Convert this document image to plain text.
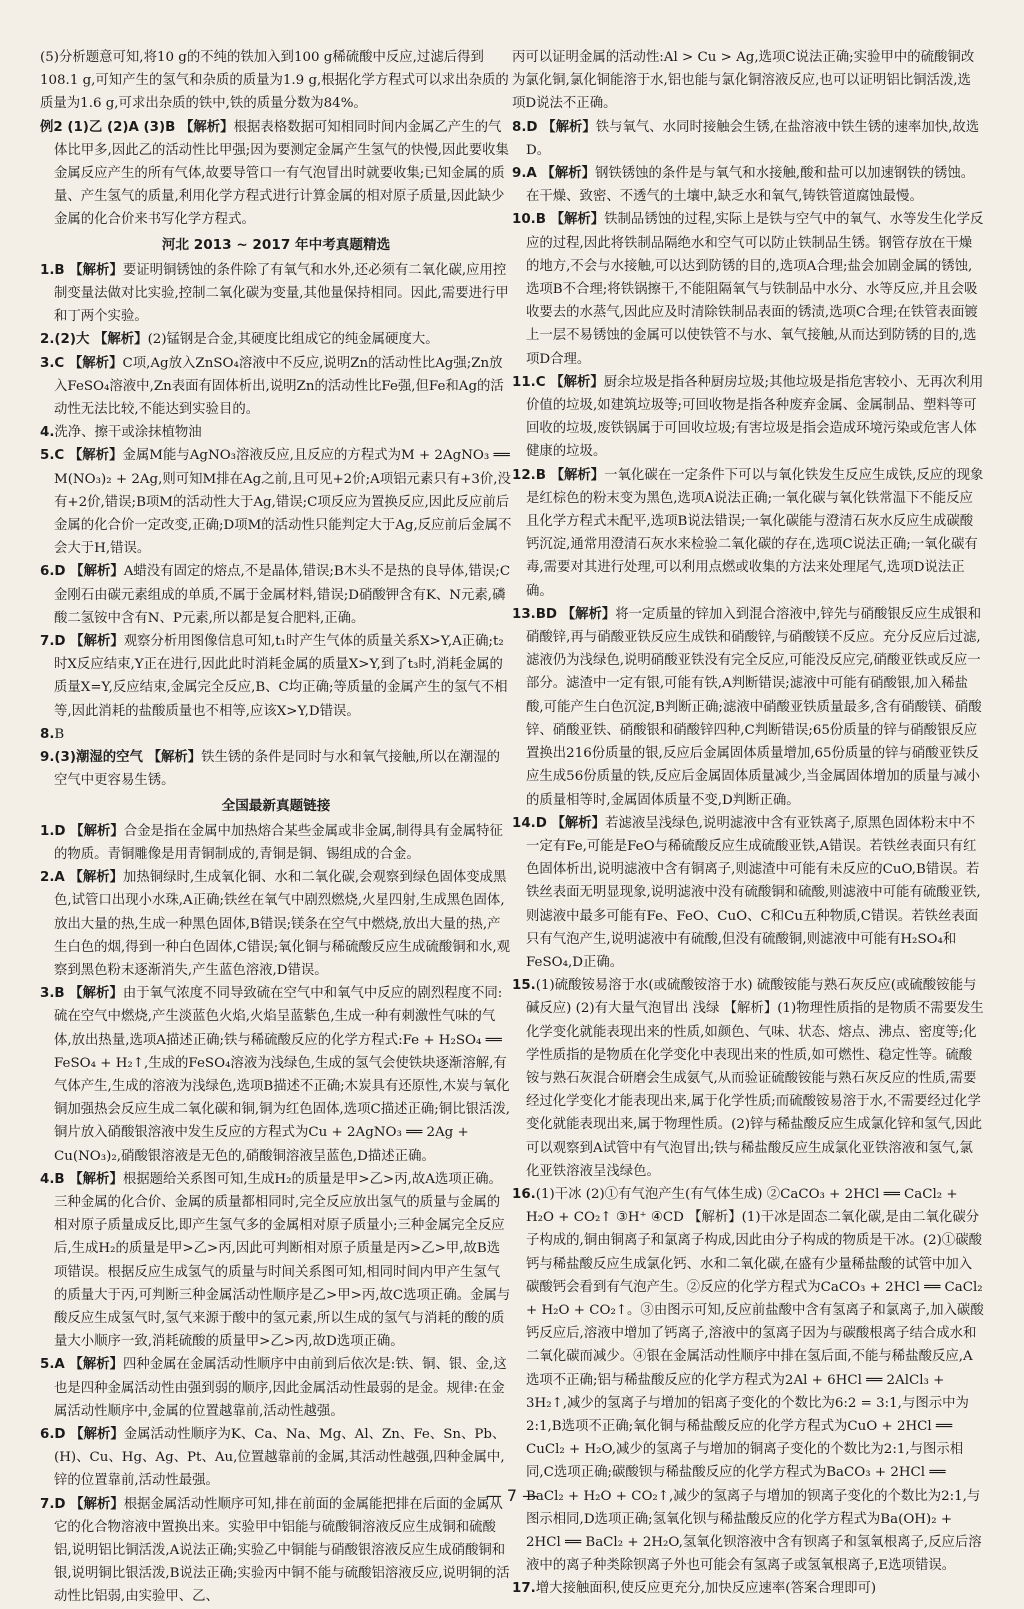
(5)分析题意可知,将10 g的不纯的铁加入到100 g稀硫酸中反应,过滤后得到108.1 g,可知产生的氢气和杂质的质量为1.9 g,根据化学方程式可以求出杂质的质量为1.6 g,可求出杂质的铁中,铁的质量分数为84%。
例2 (1)乙 (2)A (3)B 【解析】根据表格数据可知相同时间内金属乙产生的气体比甲多,因此乙的活动性比甲强;因为要测定金属产生氢气的快慢,因此要收集金属反应产生的所有气体,故要导管口一有气泡冒出时就要收集;已知金属的质量、产生氢气的质量,利用化学方程式进行计算金属的相对原子质量,因此缺少金属的化合价来书写化学方程式。
河北 2013 ~ 2017 年中考真题精选
1.B 【解析】要证明铜锈蚀的条件除了有氧气和水外,还必须有二氧化碳,应用控制变量法做对比实验,控制二氧化碳为变量,其他量保持相同。因此,需要进行甲和丁两个实验。
2.(2)大 【解析】(2)锰钢是合金,其硬度比组成它的纯金属硬度大。
3.C 【解析】C项,Ag放入ZnSO₄溶液中不反应,说明Zn的活动性比Ag强;Zn放入FeSO₄溶液中,Zn表面有固体析出,说明Zn的活动性比Fe强,但Fe和Ag的活动性无法比较,不能达到实验目的。
4.洗净、擦干或涂抹植物油
5.C 【解析】金属M能与AgNO₃溶液反应,且反应的方程式为M + 2AgNO₃ ══ M(NO₃)₂ + 2Ag,则可知M排在Ag之前,且可见+2价;A项铝元素只有+3价,没有+2价,错误;B项M的活动性大于Ag,错误;C项反应为置换反应,因此反应前后金属的化合价一定改变,正确;D项M的活动性只能判定大于Ag,反应前后金属不会大于H,错误。
6.D 【解析】A蜡没有固定的熔点,不是晶体,错误;B木头不是热的良导体,错误;C金刚石由碳元素组成的单质,不属于金属材料,错误;D硝酸钾含有K、N元素,磷酸二氢铵中含有N、P元素,所以都是复合肥料,正确。
7.D 【解析】观察分析用图像信息可知,t₁时产生气体的质量关系X>Y,A正确;t₂时X反应结束,Y正在进行,因此此时消耗金属的质量X>Y,到了t₃时,消耗金属的质量X=Y,反应结束,金属完全反应,B、C均正确;等质量的金属产生的氢气不相等,因此消耗的盐酸质量也不相等,应该X>Y,D错误。
8.B
9.(3)潮湿的空气 【解析】铁生锈的条件是同时与水和氧气接触,所以在潮湿的空气中更容易生锈。
全国最新真题链接
1.D 【解析】合金是指在金属中加热熔合某些金属或非金属,制得具有金属特征的物质。青铜雕像是用青铜制成的,青铜是铜、锡组成的合金。
2.A 【解析】加热铜绿时,生成氧化铜、水和二氧化碳,会观察到绿色固体变成黑色,试管口出现小水珠,A正确;铁丝在氧气中剧烈燃烧,火星四射,生成黑色固体,放出大量的热,生成一种黑色固体,B错误;镁条在空气中燃烧,放出大量的热,产生白色的烟,得到一种白色固体,C错误;氧化铜与稀硫酸反应生成硫酸铜和水,观察到黑色粉末逐渐消失,产生蓝色溶液,D错误。
3.B 【解析】由于氧气浓度不同导致硫在空气中和氧气中反应的剧烈程度不同:硫在空气中燃烧,产生淡蓝色火焰,火焰呈蓝紫色,生成一种有刺激性气味的气体,放出热量,选项A描述正确;铁与稀硫酸反应的化学方程式:Fe + H₂SO₄ ══ FeSO₄ + H₂↑,生成的FeSO₄溶液为浅绿色,生成的氢气会使铁块逐渐溶解,有气体产生,生成的溶液为浅绿色,选项B描述不正确;木炭具有还原性,木炭与氧化铜加强热会反应生成二氧化碳和铜,铜为红色固体,选项C描述正确;铜比银活泼,铜片放入硝酸银溶液中发生反应的方程式为Cu + 2AgNO₃ ══ 2Ag + Cu(NO₃)₂,硝酸银溶液是无色的,硝酸铜溶液呈蓝色,D描述正确。
4.B 【解析】根据题给关系图可知,生成H₂的质量是甲>乙>丙,故A选项正确。三种金属的化合价、金属的质量都相同时,完全反应放出氢气的质量与金属的相对原子质量成反比,即产生氢气多的金属相对原子质量小;三种金属完全反应后,生成H₂的质量是甲>乙>丙,因此可判断相对原子质量是丙>乙>甲,故B选项错误。根据反应生成氢气的质量与时间关系图可知,相同时间内甲产生氢气的质量大于丙,可判断三种金属活动性顺序是乙>甲>丙,故C选项正确。金属与酸反应生成氢气时,氢气来源于酸中的氢元素,所以生成的氢气与消耗的酸的质量大小顺序一致,消耗硫酸的质量甲>乙>丙,故D选项正确。
5.A 【解析】四种金属在金属活动性顺序中由前到后依次是:铁、铜、银、金,这也是四种金属活动性由强到弱的顺序,因此金属活动性最弱的是金。规律:在金属活动性顺序中,金属的位置越靠前,活动性越强。
6.D 【解析】金属活动性顺序为K、Ca、Na、Mg、Al、Zn、Fe、Sn、Pb、(H)、Cu、Hg、Ag、Pt、Au,位置越靠前的金属,其活动性越强,四种金属中,锌的位置靠前,活动性最强。
7.D 【解析】根据金属活动性顺序可知,排在前面的金属能把排在后面的金属从它的化合物溶液中置换出来。实验甲中铝能与硫酸铜溶液反应生成铜和硫酸铝,说明铝比铜活泼,A说法正确;实验乙中铜能与硝酸银溶液反应生成硝酸铜和银,说明铜比银活泼,B说法正确;实验丙中铜不能与硫酸铝溶液反应,说明铜的活动性比铝弱,由实验甲、乙、
丙可以证明金属的活动性:Al > Cu > Ag,选项C说法正确;实验甲中的硫酸铜改为氯化铜,氯化铜能溶于水,铝也能与氯化铜溶液反应,也可以证明铝比铜活泼,选项D说法不正确。
8.D 【解析】铁与氧气、水同时接触会生锈,在盐溶液中铁生锈的速率加快,故选D。
9.A 【解析】钢铁锈蚀的条件是与氧气和水接触,酸和盐可以加速钢铁的锈蚀。在干燥、致密、不透气的土壤中,缺乏水和氧气,铸铁管道腐蚀最慢。
10.B 【解析】铁制品锈蚀的过程,实际上是铁与空气中的氧气、水等发生化学反应的过程,因此将铁制品隔绝水和空气可以防止铁制品生锈。钢管存放在干燥的地方,不会与水接触,可以达到防锈的目的,选项A合理;盐会加剧金属的锈蚀,选项B不合理;将铁锅擦干,不能阻隔氧气与铁制品中水分、水等反应,并且会吸收要去的水蒸气,因此应及时清除铁制品表面的锈渍,选项C合理;在铁管表面镀上一层不易锈蚀的金属可以使铁管不与水、氧气接触,从而达到防锈的目的,选项D合理。
11.C 【解析】厨余垃圾是指各种厨房垃圾;其他垃圾是指危害较小、无再次利用价值的垃圾,如建筑垃圾等;可回收物是指各种废弃金属、金属制品、塑料等可回收的垃圾,废铁锅属于可回收垃圾;有害垃圾是指会造成环境污染或危害人体健康的垃圾。
12.B 【解析】一氧化碳在一定条件下可以与氧化铁发生反应生成铁,反应的现象是红棕色的粉末变为黑色,选项A说法正确;一氧化碳与氧化铁常温下不能反应且化学方程式未配平,选项B说法错误;一氧化碳能与澄清石灰水反应生成碳酸钙沉淀,通常用澄清石灰水来检验二氧化碳的存在,选项C说法正确;一氧化碳有毒,需要对其进行处理,可以利用点燃或收集的方法来处理尾气,选项D说法正确。
13.BD 【解析】将一定质量的锌加入到混合溶液中,锌先与硝酸银反应生成银和硝酸锌,再与硝酸亚铁反应生成铁和硝酸锌,与硝酸镁不反应。充分反应后过滤,滤液仍为浅绿色,说明硝酸亚铁没有完全反应,可能没反应完,硝酸亚铁或反应一部分。滤渣中一定有银,可能有铁,A判断错误;滤液中可能有硝酸银,加入稀盐酸,可能产生白色沉淀,B判断正确;滤液中硝酸亚铁质量最多,含有硝酸镁、硝酸锌、硝酸亚铁、硝酸银和硝酸锌四种,C判断错误;65份质量的锌与硝酸银反应置换出216份质量的银,反应后金属固体质量增加,65份质量的锌与硝酸亚铁反应生成56份质量的铁,反应后金属固体质量减少,当金属固体增加的质量与减小的质量相等时,金属固体质量不变,D判断正确。
14.D 【解析】若滤液呈浅绿色,说明滤液中含有亚铁离子,原黑色固体粉末中不一定有Fe,可能是FeO与稀硫酸反应生成硫酸亚铁,A错误。若铁丝表面只有红色固体析出,说明滤液中含有铜离子,则滤渣中可能有未反应的CuO,B错误。若铁丝表面无明显现象,说明滤液中没有硫酸铜和硫酸,则滤液中可能有硫酸亚铁,则滤液中最多可能有Fe、FeO、CuO、C和Cu五种物质,C错误。若铁丝表面只有气泡产生,说明滤液中有硫酸,但没有硫酸铜,则滤液中可能有H₂SO₄和FeSO₄,D正确。
15.(1)硫酸铵易溶于水(或硫酸铵溶于水) 硫酸铵能与熟石灰反应(或硫酸铵能与碱反应) (2)有大量气泡冒出 浅绿 【解析】(1)物理性质指的是物质不需要发生化学变化就能表现出来的性质,如颜色、气味、状态、熔点、沸点、密度等;化学性质指的是物质在化学变化中表现出来的性质,如可燃性、稳定性等。硫酸铵与熟石灰混合研磨会生成氨气,从而验证硫酸铵能与熟石灰反应的性质,需要经过化学变化才能表现出来,属于化学性质;而硫酸铵易溶于水,不需要经过化学变化就能表现出来,属于物理性质。(2)锌与稀盐酸反应生成氯化锌和氢气,因此可以观察到A试管中有气泡冒出;铁与稀盐酸反应生成氯化亚铁溶液和氢气,氯化亚铁溶液呈浅绿色。
16.(1)干冰 (2)①有气泡产生(有气体生成) ②CaCO₃ + 2HCl ══ CaCl₂ + H₂O + CO₂↑ ③H⁺ ④CD 【解析】(1)干冰是固态二氧化碳,是由二氧化碳分子构成的,铜由铜离子和氯离子构成,因此由分子构成的物质是干冰。(2)①碳酸钙与稀盐酸反应生成氯化钙、水和二氧化碳,在盛有少量稀盐酸的试管中加入碳酸钙会看到有气泡产生。②反应的化学方程式为CaCO₃ + 2HCl ══ CaCl₂ + H₂O + CO₂↑。③由图示可知,反应前盐酸中含有氢离子和氯离子,加入碳酸钙反应后,溶液中增加了钙离子,溶液中的氢离子因为与碳酸根离子结合成水和二氧化碳而减少。④银在金属活动性顺序中排在氢后面,不能与稀盐酸反应,A选项不正确;铝与稀盐酸反应的化学方程式为2Al + 6HCl ══ 2AlCl₃ + 3H₂↑,减少的氢离子与增加的铝离子变化的个数比为6:2 = 3:1,与图示中为2:1,B选项不正确;氧化铜与稀盐酸反应的化学方程式为CuO + 2HCl ══ CuCl₂ + H₂O,减少的氢离子与增加的铜离子变化的个数比为2:1,与图示相同,C选项正确;碳酸钡与稀盐酸反应的化学方程式为BaCO₃ + 2HCl ══ BaCl₂ + H₂O + CO₂↑,减少的氢离子与增加的钡离子变化的个数比为2:1,与图示相同,D选项正确;氢氧化钡与稀盐酸反应的化学方程式为Ba(OH)₂ + 2HCl ══ BaCl₂ + 2H₂O,氢氧化钡溶液中含有钡离子和氢氧根离子,反应后溶液中的离子种类除钡离子外也可能会有氢离子或氢氧根离子,E选项错误。
17.增大接触面积,使反应更充分,加快反应速率(答案合理即可)
— 7 —
